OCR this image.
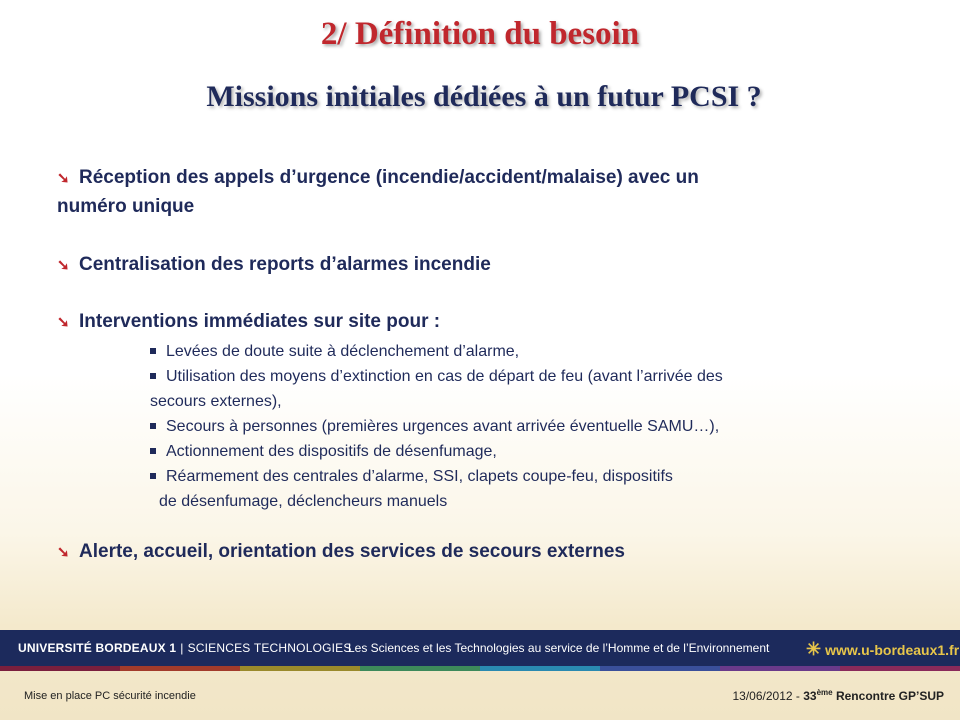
2/ Définition du besoin
Missions initiales dédiées à un futur PCSI ?
➘ Réception des appels d’urgence (incendie/accident/malaise) avec un
numéro unique
➘ Centralisation des reports d’alarmes incendie
➘ Interventions immédiates sur site pour :
Levées de doute suite à déclenchement d’alarme,
Utilisation des moyens d’extinction en cas de départ de feu (avant l’arrivée des
secours externes),
Secours à personnes (premières urgences avant arrivée éventuelle SAMU…),
Actionnement des dispositifs de désenfumage,
Réarmement des centrales d’alarme, SSI, clapets coupe-feu, dispositifs
de désenfumage, déclencheurs manuels
➘ Alerte, accueil, orientation des services de secours externes
UNIVERSITÉ BORDEAUX 1 | SCIENCES TECHNOLOGIES
Les Sciences et les Technologies au service de l’Homme et de l’Environnement ✳ www.u-bordeaux1.fr
Mise en place PC sécurité incendie	13/06/2012 - 33ème Rencontre GP’SUP
